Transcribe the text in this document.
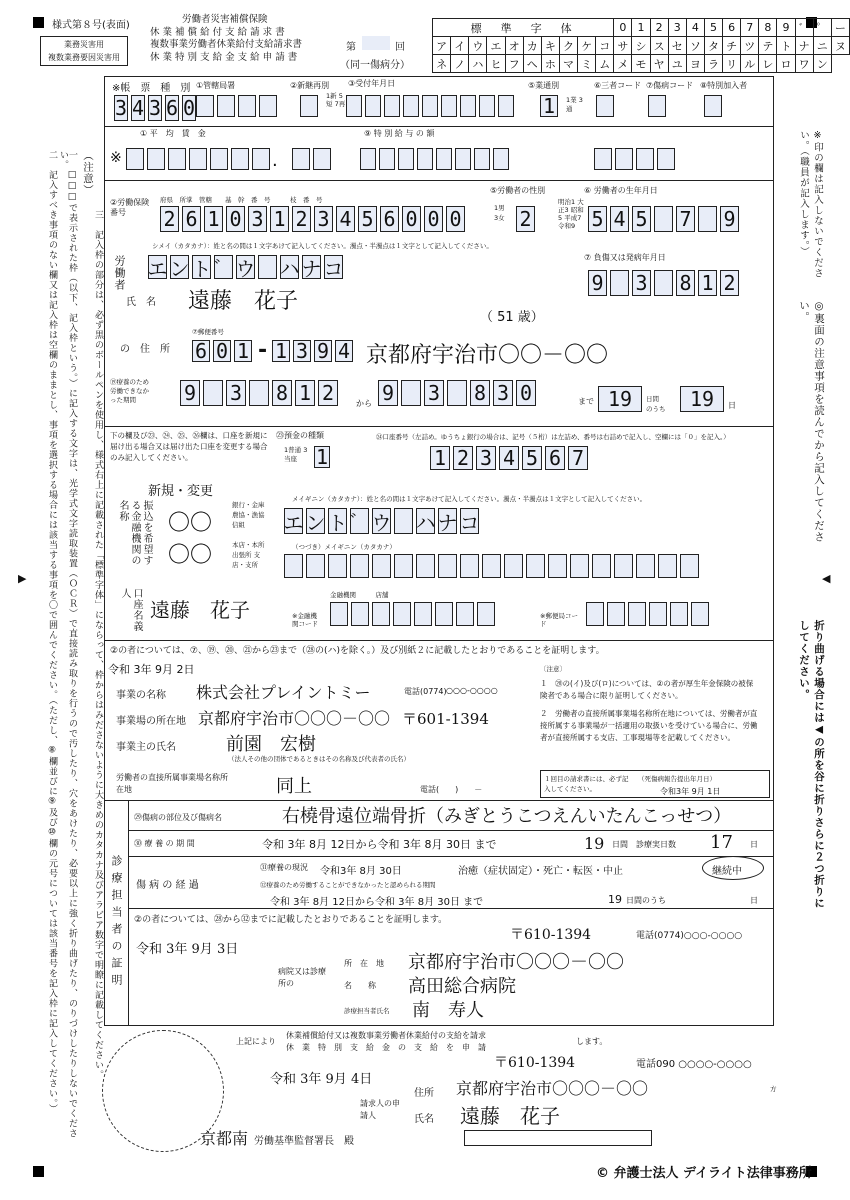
▶	◀
様式第８号(表面)
業務災害用
複数業務要因災害用
労働者災害補償保険
休 業 補 償 給 付 支 給 請 求 書
複数事業労働者休業給付支給請求書
休 業 特 別 支 給 金 支 給 申 請 書
第	回
（同一傷病分）
標　準　字　体										0	1	2	3	4	5	6	7	8	9	゛	゜	ー
ア	イ	ウ	エ	オ	カ	キ	ク	ケ	コ	サ	シ	ス	セ	ソ	タ	チ	ツ	テ	ト	ナ	ニ	ヌ
ネ	ノ	ハ	ヒ	フ	ヘ	ホ	マ	ミ	ム	メ	モ	ヤ	ユ	ヨ	ラ	リ	ル	レ	ロ	ワ	ン	
※帳　票　種　別
3 4 3 6 0
①管轄局署	②新継再別
1新 5短 7再
③受付年月日	⑤業通別
1	1業 3通
⑥三者コード ⑦傷病コード ⑧特別加入者
① 平　均　賃　金
※	.
⑨ 特 別 給 与 の 額
②労働保険番号
府県　所掌　管轄　　基　幹　番　号　　　枝　番　号
2 6 1 0 3 1 2 3 4 5 6 0 0 0
⑤労働者の性別
1男 3女 2
⑥ 労働者の生年月日
明治1 大正3 昭和5 平成7 令和9 5 4 5 7 9
シメイ（カタカナ）：姓と名の間は１文字あけて記入してください。濁点・半濁点は１文字として記入してください。
労働者 エ ン ト ゛ ウ ハ ナ コ
氏　名 遠藤　花子
（ 51 歳）
の　住　所
⑦郵便番号
6 0 1 - 1 3 9 4 京都府宇治市〇〇－〇〇
⑦ 負傷又は発病年月日
9 3 8 1 2
⑲療養のため労働できなかった期間	9 3 8 1 2	から 9 3 8 3 0	まで 19	日間
のうち	19	日
下の欄及び㉓、㉔、㉕、㉖欄は、口座を新規に届け出る場合又は届け出た口座を変更する場合のみ記入してください。
新規・変更
㉓預金の種類
1普通 3当座 1
㉔口座番号（左詰め。ゆうちょ銀行の場合は、記号（５桁）は左詰め、番号は右詰めで記入し、空欄には「０」を記入。）
1 2 3 4 5 6 7
振込を希望する金融機関の名称	〇〇
銀行・金庫 農協・漁協 信組
〇〇	本店・本所 出張所 支店・支所
メイギニン（カタカナ）：姓と名の間は１文字あけて記入してください。濁点・半濁点は１文字として記入してください。
エ ン ト ゛ ウ ハ ナ コ
（つづき）メイギニン（カタカナ）
口座名義人
遠藤　花子
金融機関　　　店舗
※金融機関コード
※郵便局コード
②の者については、⑦、⑲、⑳、㉑から㉓まで（㉘の(ハ)を除く。）及び別紙２に記載したとおりであることを証明します。
令和 3年 9月 2日
事業の名称 株式会社プレイントミー	電話(0774) ○○○-○○○○
事業場の所在地 京都府宇治市〇〇〇－〇〇 〒601-1394
事業主の氏名	前園　宏樹
（法人その他の団体であるときはその名称及び代表者の氏名）
労働者の直接所属事業場名称所在地	同上	電話(　　)　　－
〔注意〕
１　⑳の(イ)及び(ロ)については、②の者が厚生年金保険の被保険者である場合に限り証明してください。
２　労働者の直接所属事業場名称所在地については、労働者が直接所属する事業場が一括適用の取扱いを受けている場合に、労働者が直接所属する支店、工事現場等を記載してください。
１回目の請求書には、必ず記入してください。
（死傷病報告提出年月日）
令和3年 9月 1日
診療担当者の証明
㉙傷病の部位及び傷病名	右橈骨遠位端骨折（みぎとうこつえんいたんこっせつ）
㉚ 療 養 の 期 間	令和 3年 8月 12日から令和 3年 8月 30日 まで	19 日間　診療実日数 17 日
傷 病 の 経 過
㉛療養の現況 令和3年 8月 30日	治癒（症状固定）・死亡・転医・中止	継続中
㉜療養のため労働することができなかったと認められる期間
令和 3年 8月 12日から令和 3年 8月 30日 まで	19 日間のうち	日
②の者については、㉘から㉜までに記載したとおりであることを証明します。
〒610-1394	電話(0774)○○○-○○○○
令和 3年 9月 3日
所　在　地 京都府宇治市〇〇〇－〇〇
病院又は診療所の	名　　称 高田総合病院
診療担当者氏名 南　寿人
上記により
休業補償給付又は複数事業労働者休業給付の支給を請求
休　業　特　別　支　給　金　の　支　給　を　申　請
します。
〒610-1394	電話090 ○○○○-○○○○
令和 3年 9月 4日
住所 京都府宇治市〇〇〇－〇〇	方
請求人の申請人	氏名 遠藤　花子
京都南 労働基準監督署長　殿
© 弁護士法人 デイライト法律事務所
（注意）
一　□□□で表示された枠（以下、記入枠という。）に記入する文字は、光学式文字読取装置（ＯＣＲ）で直接読み取りを行うので汚したり、穴をあけたり、必要以上に強く折り曲げたり、のりづけしたりしないでください。
二　記入すべき事項のない欄又は記入枠は空欄のままとし、事項を選択する場合には該当する事項を〇で囲んでください。（ただし、⑧欄並びに⑨及び⑩欄の元号については該当番号を記入枠に記入してください。）	三　記入枠の部分は、必ず黒のボールペンを使用し、様式右上に記載された「標準字体」にならって、枠からはみださないように大きめのカタカナ及びアラビア数字で明瞭に記載してください。
※印の欄は記入しないでください。（職員が記入します。）
◎裏面の注意事項を読んでから記入してください。
折り曲げる場合には◀の所を谷に折りさらに２つ折りにしてください。
